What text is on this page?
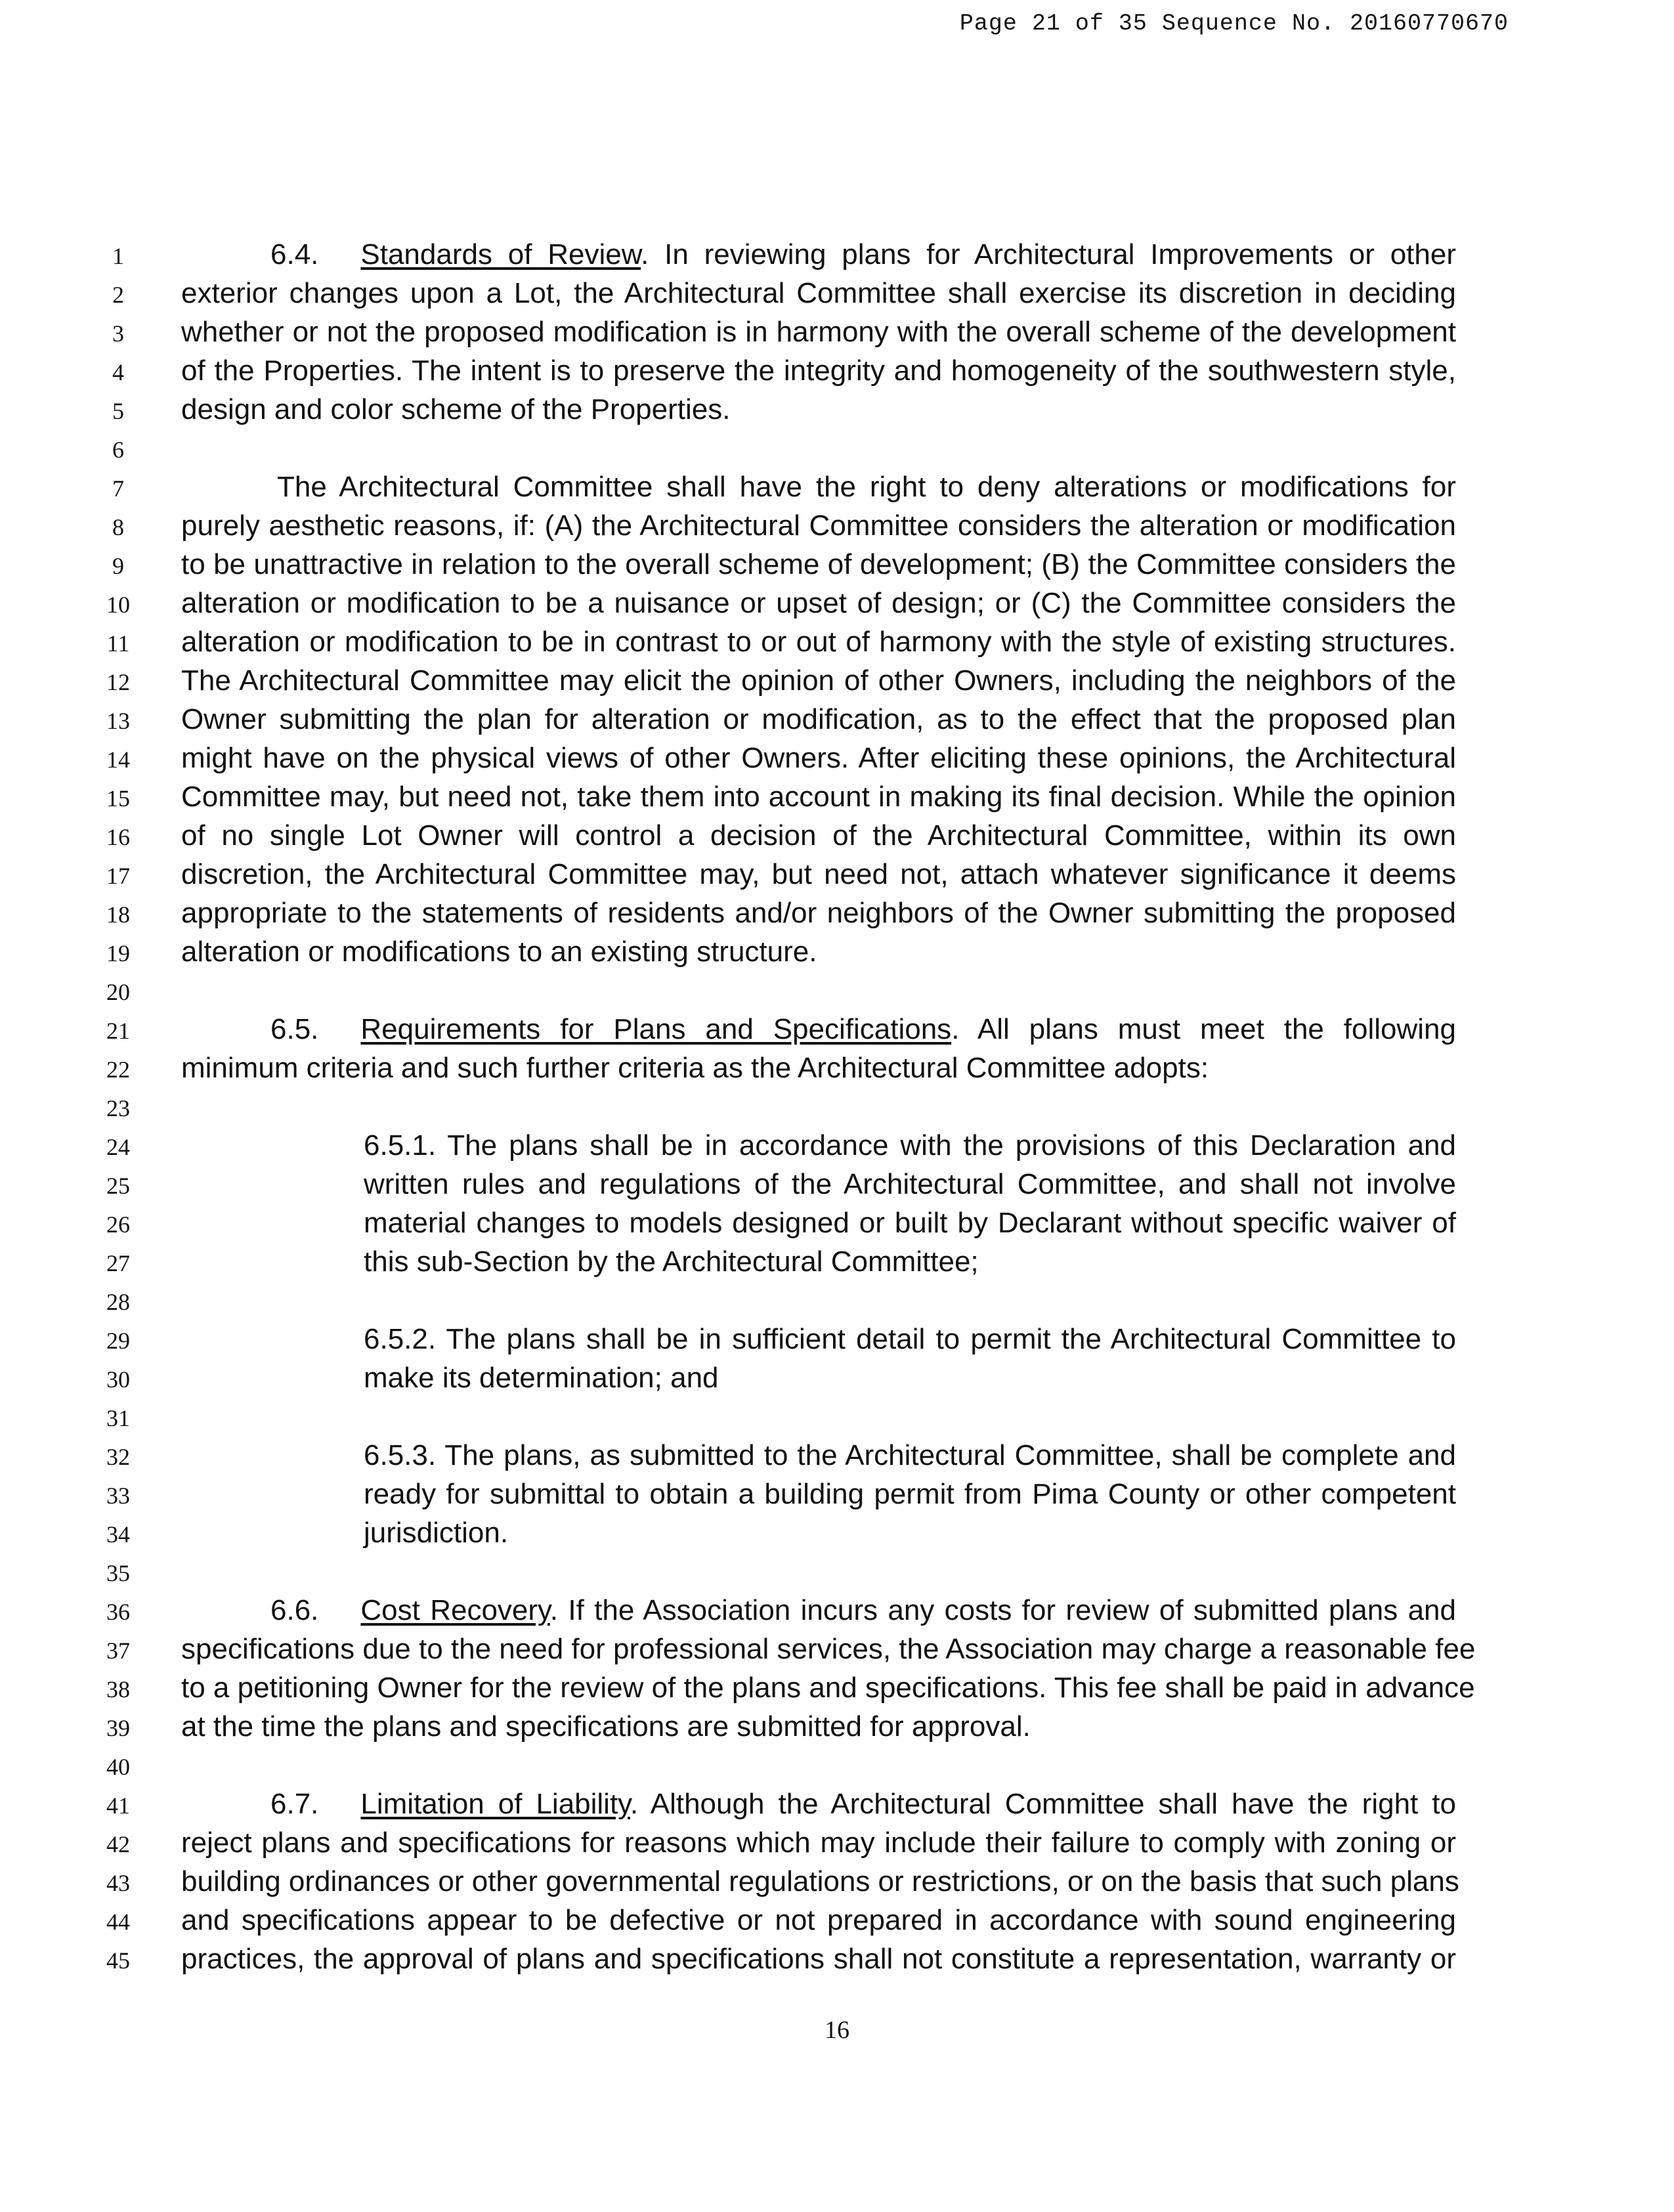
Page 21 of 35 Sequence No. 20160770670
1
2
3
4
5
6
7
8
9
10
11
12
13
14
15
16
17
18
19
20
21
22
23
24
25
26
27
28
29
30
31
32
33
34
35
36
37
38
39
40
41
42
43
44
45
6.4. Standards of Review. In reviewing plans for Architectural Improvements or other
exterior changes upon a Lot, the Architectural Committee shall exercise its discretion in deciding
whether or not the proposed modification is in harmony with the overall scheme of the development
of the Properties. The intent is to preserve the integrity and homogeneity of the southwestern style,
design and color scheme of the Properties.
The Architectural Committee shall have the right to deny alterations or modifications for
purely aesthetic reasons, if: (A) the Architectural Committee considers the alteration or modification
to be unattractive in relation to the overall scheme of development; (B) the Committee considers the
alteration or modification to be a nuisance or upset of design; or (C) the Committee considers the
alteration or modification to be in contrast to or out of harmony with the style of existing structures.
The Architectural Committee may elicit the opinion of other Owners, including the neighbors of the
Owner submitting the plan for alteration or modification, as to the effect that the proposed plan
might have on the physical views of other Owners. After eliciting these opinions, the Architectural
Committee may, but need not, take them into account in making its final decision. While the opinion
of no single Lot Owner will control a decision of the Architectural Committee, within its own
discretion, the Architectural Committee may, but need not, attach whatever significance it deems
appropriate to the statements of residents and/or neighbors of the Owner submitting the proposed
alteration or modifications to an existing structure.
6.5. Requirements for Plans and Specifications. All plans must meet the following
minimum criteria and such further criteria as the Architectural Committee adopts:
6.5.1. The plans shall be in accordance with the provisions of this Declaration and
written rules and regulations of the Architectural Committee, and shall not involve
material changes to models designed or built by Declarant without specific waiver of
this sub-Section by the Architectural Committee;
6.5.2. The plans shall be in sufficient detail to permit the Architectural Committee to
make its determination; and
6.5.3. The plans, as submitted to the Architectural Committee, shall be complete and
ready for submittal to obtain a building permit from Pima County or other competent
jurisdiction.
6.6. Cost Recovery. If the Association incurs any costs for review of submitted plans and
specifications due to the need for professional services, the Association may charge a reasonable fee
to a petitioning Owner for the review of the plans and specifications. This fee shall be paid in advance
at the time the plans and specifications are submitted for approval.
6.7. Limitation of Liability. Although the Architectural Committee shall have the right to
reject plans and specifications for reasons which may include their failure to comply with zoning or
building ordinances or other governmental regulations or restrictions, or on the basis that such plans
and specifications appear to be defective or not prepared in accordance with sound engineering
practices, the approval of plans and specifications shall not constitute a representation, warranty or
16
